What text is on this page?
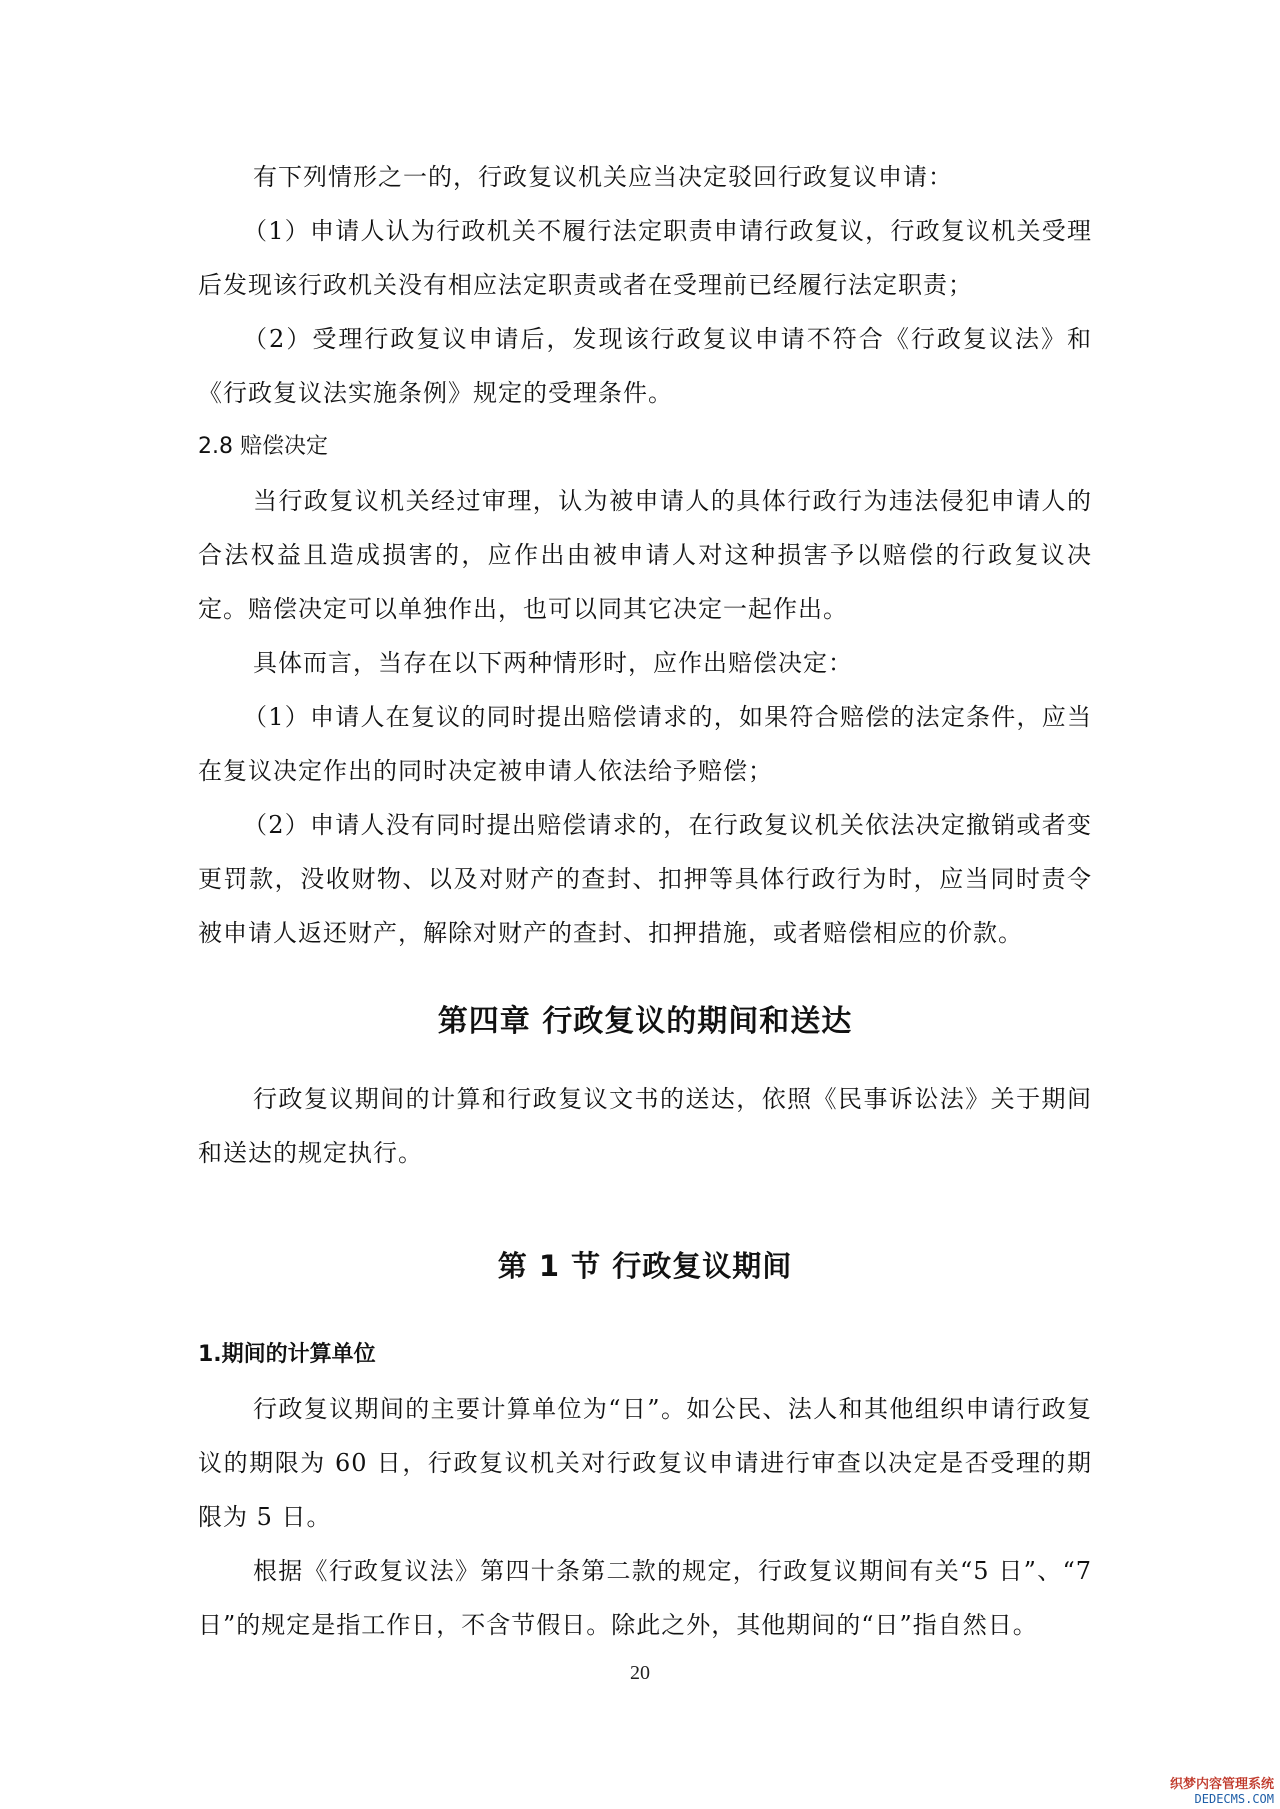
有下列情形之一的，行政复议机关应当决定驳回行政复议申请：

（1）申请人认为行政机关不履行法定职责申请行政复议，行政复议机关受理后发现该行政机关没有相应法定职责或者在受理前已经履行法定职责；

（2）受理行政复议申请后，发现该行政复议申请不符合《行政复议法》和《行政复议法实施条例》规定的受理条件。

2.8 赔偿决定

当行政复议机关经过审理，认为被申请人的具体行政行为违法侵犯申请人的合法权益且造成损害的，应作出由被申请人对这种损害予以赔偿的行政复议决定。赔偿决定可以单独作出，也可以同其它决定一起作出。

具体而言，当存在以下两种情形时，应作出赔偿决定：

（1）申请人在复议的同时提出赔偿请求的，如果符合赔偿的法定条件，应当在复议决定作出的同时决定被申请人依法给予赔偿；

（2）申请人没有同时提出赔偿请求的，在行政复议机关依法决定撤销或者变更罚款，没收财物、以及对财产的查封、扣押等具体行政行为时，应当同时责令被申请人返还财产，解除对财产的查封、扣押措施，或者赔偿相应的价款。

第四章 行政复议的期间和送达

行政复议期间的计算和行政复议文书的送达，依照《民事诉讼法》关于期间和送达的规定执行。

第 1 节 行政复议期间
1.期间的计算单位

行政复议期间的主要计算单位为“日”。如公民、法人和其他组织申请行政复议的期限为 60 日，行政复议机关对行政复议申请进行审查以决定是否受理的期限为 5 日。

根据《行政复议法》第四十条第二款的规定，行政复议期间有关“5 日”、“7 日”的规定是指工作日，不含节假日。除此之外，其他期间的“日”指自然日。

20
织梦内容管理系统
DEDECMS.COM
